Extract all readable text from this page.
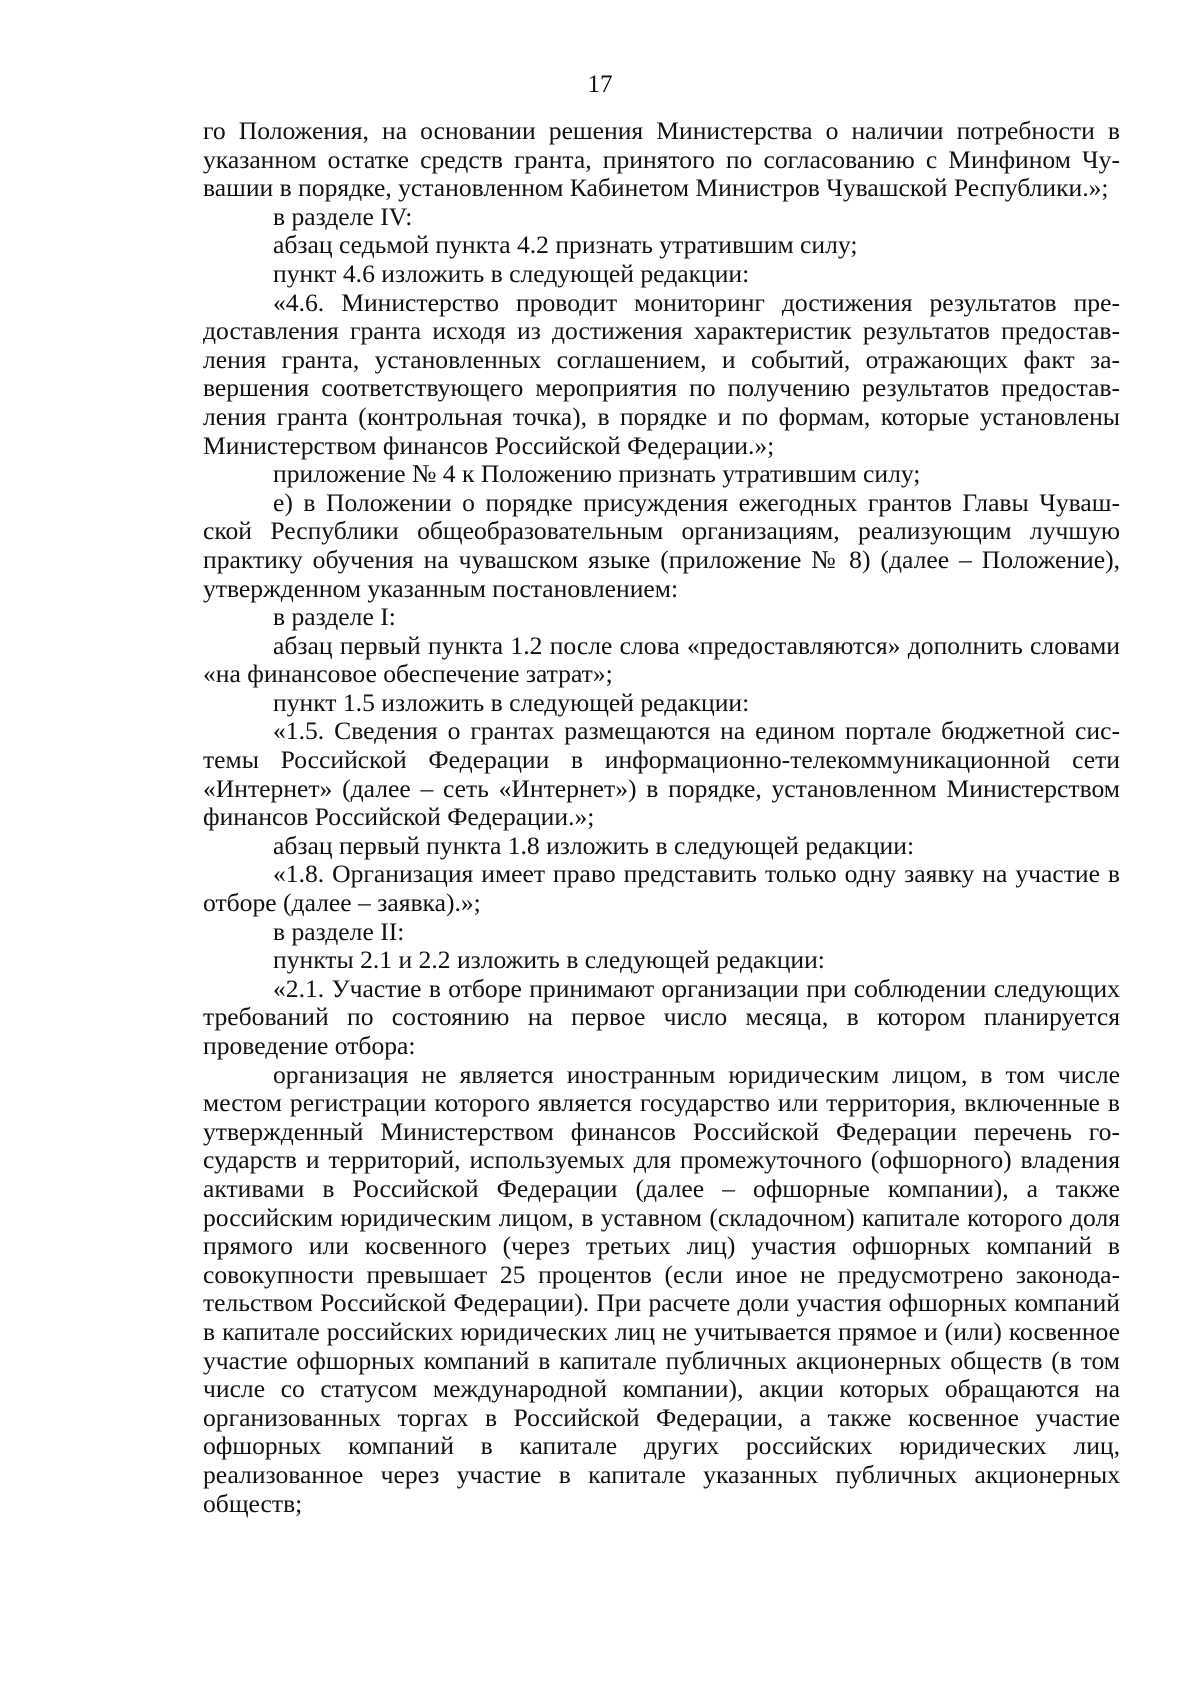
17

го Положения, на основании решения Министерства о наличии потребности в указанном остатке средств гранта, принятого по согласованию с Минфином Чувашии в порядке, установленном Кабинетом Министров Чувашской Республики.»;

в разделе IV:

абзац седьмой пункта 4.2 признать утратившим силу;

пункт 4.6 изложить в следующей редакции:

«4.6. Министерство проводит мониторинг достижения результатов предоставления гранта исходя из достижения характеристик результатов предоставления гранта, установленных соглашением, и событий, отражающих факт завершения соответствующего мероприятия по получению результатов предоставления гранта (контрольная точка), в порядке и по формам, которые установлены Министерством финансов Российской Федерации.»;

приложение № 4 к Положению признать утратившим силу;

е) в Положении о порядке присуждения ежегодных грантов Главы Чувашской Республики общеобразовательным организациям, реализующим лучшую практику обучения на чувашском языке (приложение № 8) (далее – Положение), утвержденном указанным постановлением:

в разделе I:

абзац первый пункта 1.2 после слова «предоставляются» дополнить словами «на финансовое обеспечение затрат»;

пункт 1.5 изложить в следующей редакции:

«1.5. Сведения о грантах размещаются на едином портале бюджетной системы Российской Федерации в информационно-телекоммуникационной сети «Интернет» (далее – сеть «Интернет») в порядке, установленном Министерством финансов Российской Федерации.»;

абзац первый пункта 1.8 изложить в следующей редакции:

«1.8. Организация имеет право представить только одну заявку на участие в отборе (далее – заявка).»;

в разделе II:

пункты 2.1 и 2.2 изложить в следующей редакции:

«2.1. Участие в отборе принимают организации при соблюдении следующих требований по состоянию на первое число месяца, в котором планируется проведение отбора:

организация не является иностранным юридическим лицом, в том числе местом регистрации которого является государство или территория, включенные в утвержденный Министерством финансов Российской Федерации перечень государств и территорий, используемых для промежуточного (офшорного) владения активами в Российской Федерации (далее – офшорные компании), а также российским юридическим лицом, в уставном (складочном) капитале которого доля прямого или косвенного (через третьих лиц) участия офшорных компаний в совокупности превышает 25 процентов (если иное не предусмотрено законодательством Российской Федерации). При расчете доли участия офшорных компаний в капитале российских юридических лиц не учитывается прямое и (или) косвенное участие офшорных компаний в капитале публичных акционерных обществ (в том числе со статусом международной компании), акции которых обращаются на организованных торгах в Российской Федерации, а также косвенное участие офшорных компаний в капитале других российских юридических лиц, реализованное через участие в капитале указанных публичных акционерных обществ;
